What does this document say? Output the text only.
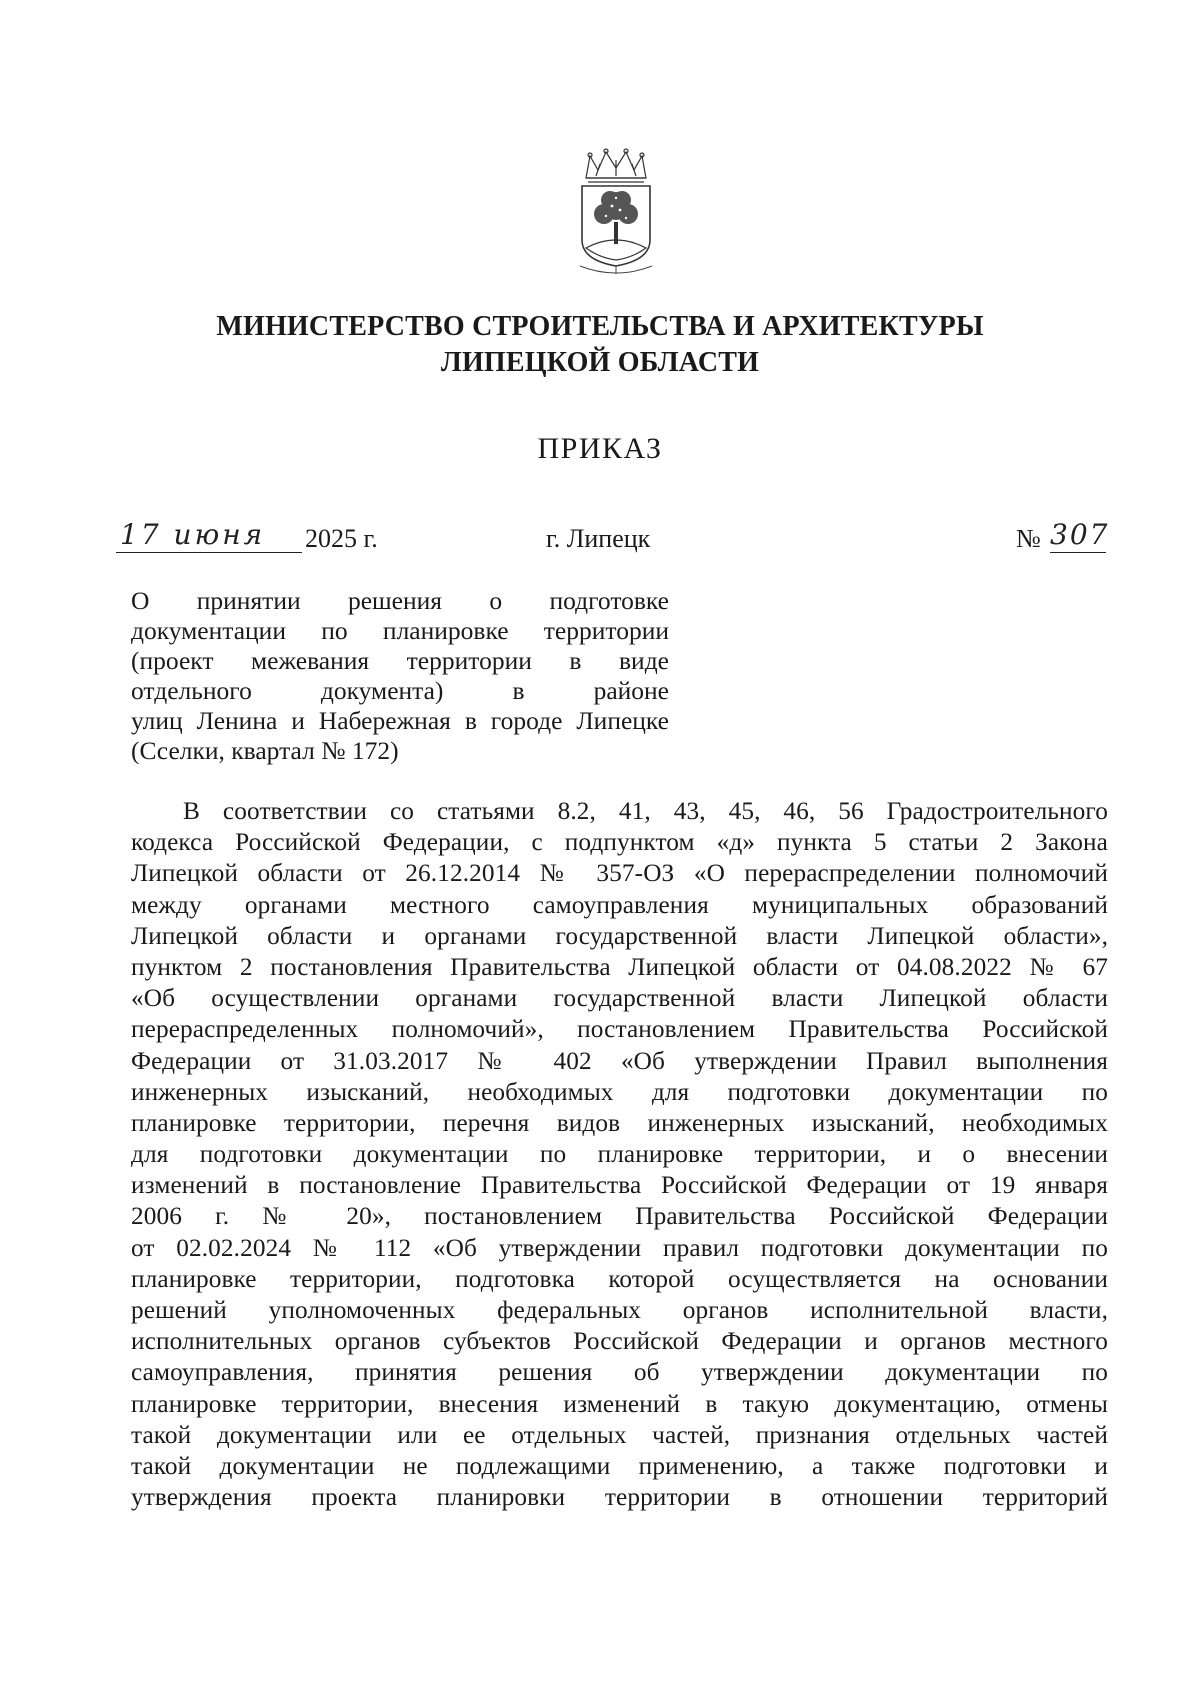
МИНИСТЕРСТВО СТРОИТЕЛЬСТВА И АРХИТЕКТУРЫ
ЛИПЕЦКОЙ ОБЛАСТИ
ПРИКАЗ
17 июня	2025 г.	г. Липецк	№ 307
О принятии решения о подготовке
документации по планировке территории
(проект межевания территории в виде
отдельного документа) в районе
улиц Ленина и Набережная в городе Липецке
(Сселки, квартал № 172)
В соответствии со статьями 8.2, 41, 43, 45, 46, 56 Градостроительного
кодекса Российской Федерации, с подпунктом «д» пункта 5 статьи 2 Закона
Липецкой области от 26.12.2014 № 357-ОЗ «О перераспределении полномочий
между органами местного самоуправления муниципальных образований
Липецкой области и органами государственной власти Липецкой области»,
пунктом 2 постановления Правительства Липецкой области от 04.08.2022 № 67
«Об осуществлении органами государственной власти Липецкой области
перераспределенных полномочий», постановлением Правительства Российской
Федерации от 31.03.2017 № 402 «Об утверждении Правил выполнения
инженерных изысканий, необходимых для подготовки документации по
планировке территории, перечня видов инженерных изысканий, необходимых
для подготовки документации по планировке территории, и о внесении
изменений в постановление Правительства Российской Федерации от 19 января
2006 г. № 20», постановлением Правительства Российской Федерации
от 02.02.2024 № 112 «Об утверждении правил подготовки документации по
планировке территории, подготовка которой осуществляется на основании
решений уполномоченных федеральных органов исполнительной власти,
исполнительных органов субъектов Российской Федерации и органов местного
самоуправления, принятия решения об утверждении документации по
планировке территории, внесения изменений в такую документацию, отмены
такой документации или ее отдельных частей, признания отдельных частей
такой документации не подлежащими применению, а также подготовки и
утверждения проекта планировки территории в отношении территорий
